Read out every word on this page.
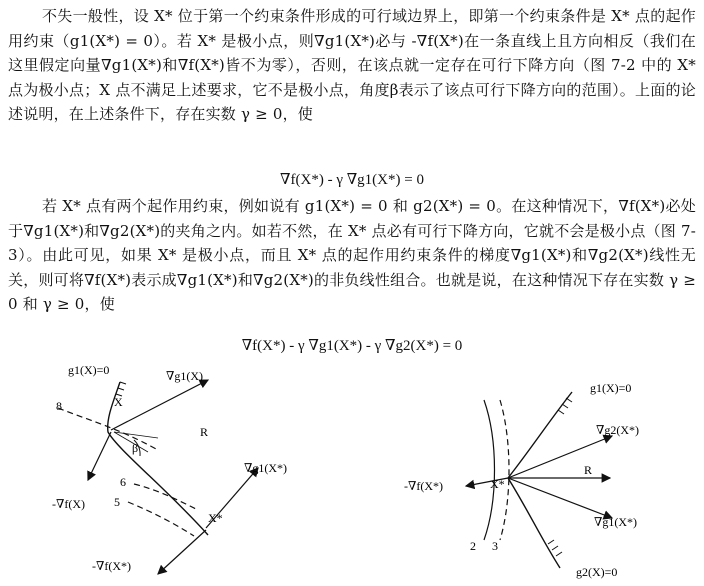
不失一般性，设 X* 位于第一个约束条件形成的可行域边界上，即第一个约束条件是 X* 点的起作用约束（g1(X*) = 0）。若 X* 是极小点，则∇g1(X*)必与 -∇f(X*)在一条直线上且方向相反（我们在这里假定向量∇g1(X*)和∇f(X*)皆不为零），否则，在该点就一定存在可行下降方向（图 7-2 中的 X* 点为极小点；X 点不满足上述要求，它不是极小点，角度β表示了该点可行下降方向的范围）。上面的论述说明，在上述条件下，存在实数 γ ≥ 0，使
∇f(X*) - γ ∇g1(X*) = 0
若 X* 点有两个起作用约束，例如说有 g1(X*) = 0 和 g2(X*) = 0。在这种情况下，∇f(X*)必处于∇g1(X*)和∇g2(X*)的夹角之内。如若不然，在 X* 点必有可行下降方向，它就不会是极小点（图 7-3）。由此可见，如果 X* 是极小点，而且 X* 点的起作用约束条件的梯度∇g1(X*)和∇g2(X*)线性无关，则可将∇f(X*)表示成∇g1(X*)和∇g2(X*)的非负线性组合。也就是说，在这种情况下存在实数 γ ≥ 0 和 γ ≥ 0，使
∇f(X*) - γ ∇g1(X*) - γ ∇g2(X*) = 0
g1(X)=0	∇g1(X)
X
8
β
R
-∇f(X)
6
5
∇g1(X*)
X*
-∇f(X*)
g1(X)=0
g2(X)=0
2 3
∇g2(X*)
∇g1(X*)
R
-∇f(X*)	X*
